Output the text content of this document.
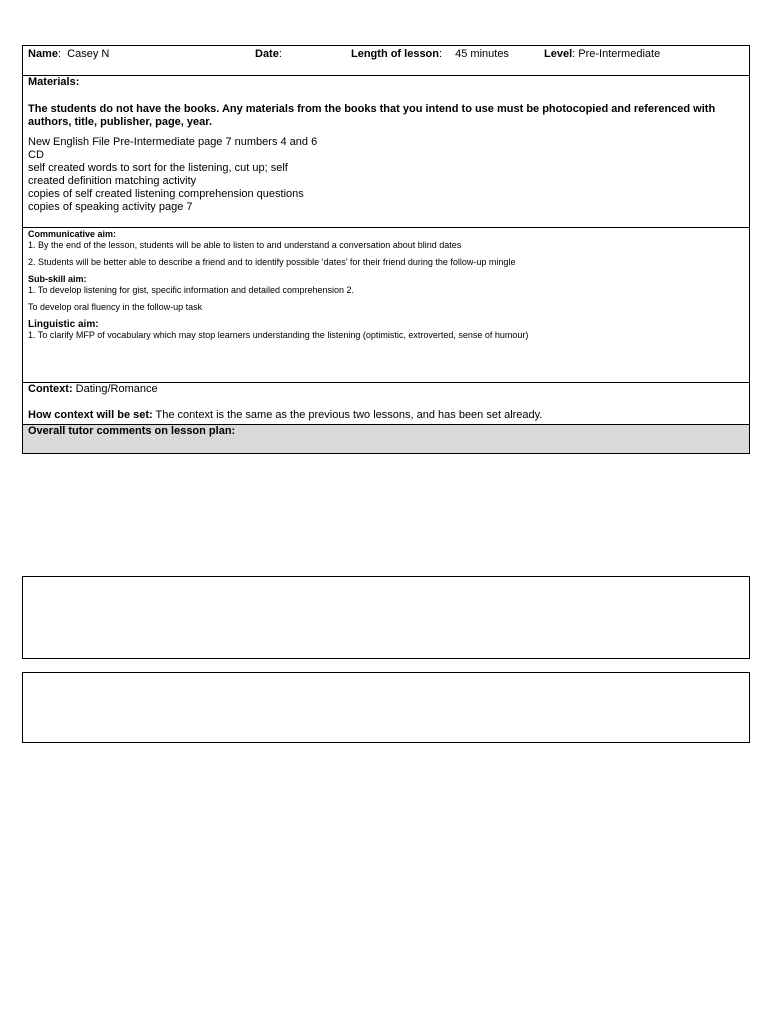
Name:  Casey N	Date:	Length of lesson: 45 minutes	Level: Pre-Intermediate
Materials:
The students do not have the books. Any materials from the books that you intend to use must be photocopied and referenced with authors, title, publisher, page, year.
New English File Pre-Intermediate page 7 numbers 4 and 6
CD
self created words to sort for the listening, cut up; self
created definition matching activity
copies of self created listening comprehension questions
copies of speaking activity page 7
Communicative aim:
1. By the end of the lesson, students will be able to listen to and understand a conversation about blind dates
2. Students will be better able to describe a friend and to identify possible ‘dates’ for their friend during the follow-up mingle
Sub-skill aim:
1. To develop listening for gist, specific information and detailed comprehension 2.
To develop oral fluency in the follow-up task
Linguistic aim:
1. To clarify MFP of vocabulary which may stop learners understanding the listening (optimistic, extroverted, sense of humour)
Context: Dating/Romance
How context will be set: The context is the same as the previous two lessons, and has been set already.
Overall tutor comments on lesson plan:
